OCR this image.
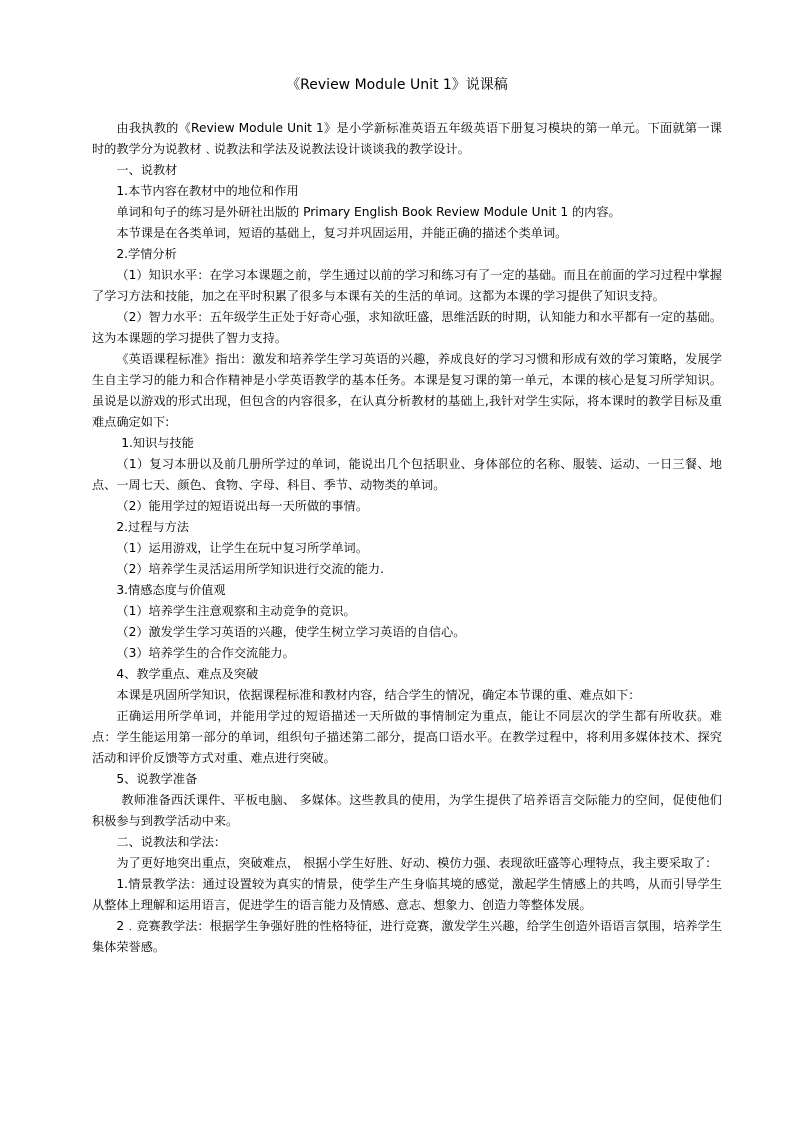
《Review Module Unit 1》说课稿

由我执教的《Review Module Unit 1》是小学新标准英语五年级英语下册复习模块的第一单元。下面就第一课时的教学分为说教材﹑说教法和学法及说教法设计谈谈我的教学设计。

一、说教材

1.本节内容在教材中的地位和作用

单词和句子的练习是外研社出版的 Primary English Book Review Module Unit 1 的内容。

本节课是在各类单词，短语的基础上，复习并巩固运用，并能正确的描述个类单词。

2.学情分析

（1）知识水平：在学习本课题之前，学生通过以前的学习和练习有了一定的基础。而且在前面的学习过程中掌握了学习方法和技能，加之在平时积累了很多与本课有关的生活的单词。这都为本课的学习提供了知识支持。

（2）智力水平：五年级学生正处于好奇心强，求知欲旺盛，思维活跃的时期，认知能力和水平都有一定的基础。这为本课题的学习提供了智力支持。

《英语课程标准》指出：激发和培养学生学习英语的兴趣，养成良好的学习习惯和形成有效的学习策略，发展学生自主学习的能力和合作精神是小学英语教学的基本任务。本课是复习课的第一单元，本课的核心是复习所学知识。虽说是以游戏的形式出现，但包含的内容很多，在认真分析教材的基础上,我针对学生实际，将本课时的教学目标及重难点确定如下:

1.知识与技能

（1）复习本册以及前几册所学过的单词，能说出几个包括职业、身体部位的名称、服装、运动、一日三餐、地点、一周七天、颜色、食物、字母、科目、季节、动物类的单词。

（2）能用学过的短语说出每一天所做的事情。

2.过程与方法

（1）运用游戏，让学生在玩中复习所学单词。

（2）培养学生灵活运用所学知识进行交流的能力.

3.情感态度与价值观

（1）培养学生注意观察和主动竞争的竞识。

（2）激发学生学习英语的兴趣，使学生树立学习英语的自信心。

（3）培养学生的合作交流能力。

4、教学重点、难点及突破

本课是巩固所学知识，依据课程标准和教材内容，结合学生的情况，确定本节课的重、难点如下：

正确运用所学单词，并能用学过的短语描述一天所做的事情制定为重点，能让不同层次的学生都有所收获。难点：学生能运用第一部分的单词，组织句子描述第二部分，提高口语水平。在教学过程中，将利用多媒体技术、探究活动和评价反馈等方式对重、难点进行突破。

5、说教学准备

教师准备西沃课件、平板电脑、 多媒体。这些教具的使用，为学生提供了培养语言交际能力的空间，促使他们积极参与到教学活动中来。

二、说教法和学法：

为了更好地突出重点，突破难点， 根据小学生好胜、好动、模仿力强、表现欲旺盛等心理特点，我主要采取了：

1.情景教学法：通过设置较为真实的情景，使学生产生身临其境的感觉，激起学生情感上的共鸣，从而引导学生从整体上理解和运用语言，促进学生的语言能力及情感、意志、想象力、创造力等整体发展。

2﹒竞赛教学法：根据学生争强好胜的性格特征，进行竞赛，激发学生兴趣，给学生创造外语语言氛围，培养学生集体荣誉感。
